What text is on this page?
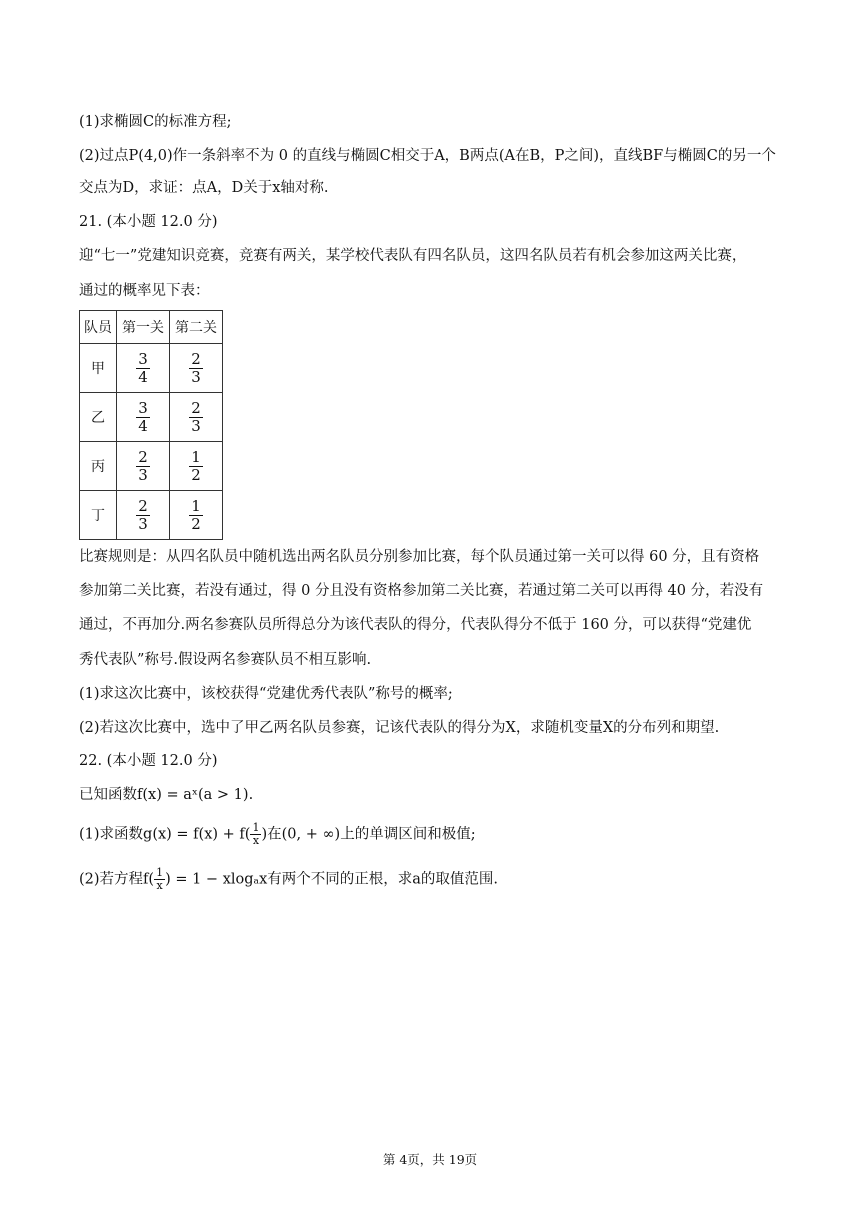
(1)求椭圆C的标准方程;
(2)过点P(4,0)作一条斜率不为 0 的直线与椭圆C相交于A，B两点(A在B，P之间)，直线BF与椭圆C的另一个
交点为D，求证：点A，D关于x轴对称.
21. (本小题 12.0 分)
迎“七一”党建知识竞赛，竞赛有两关，某学校代表队有四名队员，这四名队员若有机会参加这两关比赛，
通过的概率见下表：
队员	第一关	第二关
甲	$\frac{3}{4}$	$\frac{2}{3}$

乙	$\frac{3}{4}$	$\frac{2}{3}$

丙	$\frac{2}{3}$	$\frac{1}{2}$

丁	$\frac{2}{3}$	$\frac{1}{2}$
比赛规则是：从四名队员中随机选出两名队员分别参加比赛，每个队员通过第一关可以得 60 分，且有资格
参加第二关比赛，若没有通过，得 0 分且没有资格参加第二关比赛，若通过第二关可以再得 40 分，若没有
通过，不再加分.两名参赛队员所得总分为该代表队的得分，代表队得分不低于 160 分，可以获得“党建优
秀代表队”称号.假设两名参赛队员不相互影响.
(1)求这次比赛中，该校获得“党建优秀代表队”称号的概率;
(2)若这次比赛中，选中了甲乙两名队员参赛，记该代表队的得分为X，求随机变量X的分布列和期望.
22. (本小题 12.0 分)
已知函数f(x) = aˣ(a > 1).
(1)求函数$g(x) = f(x) + f( \frac{1}{x}$ )在(0, + ∞)上的单调区间和极值;
(2)若方程$f( \frac{1}{x}$ ) = 1 − xlogₐx有两个不同的正根，求a的取值范围.
第 4页，共 19页
